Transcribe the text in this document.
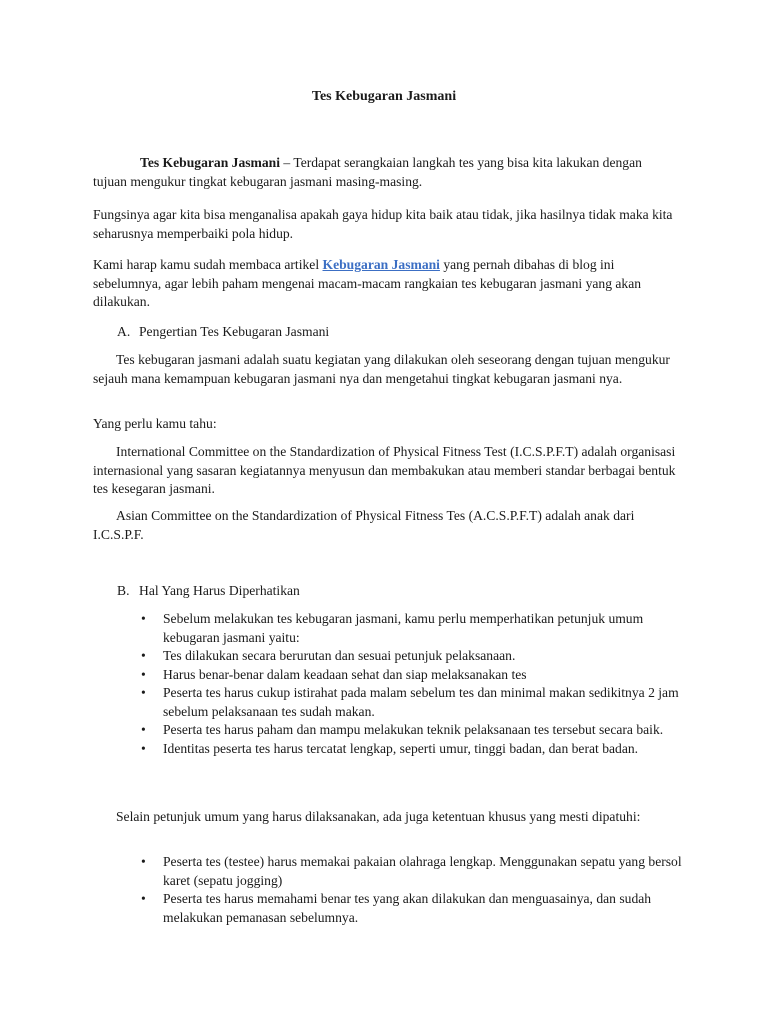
Tes Kebugaran Jasmani

Tes Kebugaran Jasmani – Terdapat serangkaian langkah tes yang bisa kita lakukan dengan tujuan mengukur tingkat kebugaran jasmani masing-masing.

Fungsinya agar kita bisa menganalisa apakah gaya hidup kita baik atau tidak, jika hasilnya tidak maka kita seharusnya memperbaiki pola hidup.

Kami harap kamu sudah membaca artikel Kebugaran Jasmani yang pernah dibahas di blog ini sebelumnya, agar lebih paham mengenai macam-macam rangkaian tes kebugaran jasmani yang akan dilakukan.

A. Pengertian Tes Kebugaran Jasmani

Tes kebugaran jasmani adalah suatu kegiatan yang dilakukan oleh seseorang dengan tujuan mengukur sejauh mana kemampuan kebugaran jasmani nya dan mengetahui tingkat kebugaran jasmani nya.

Yang perlu kamu tahu:

International Committee on the Standardization of Physical Fitness Test (I.C.S.P.F.T) adalah organisasi internasional yang sasaran kegiatannya menyusun dan membakukan atau memberi standar berbagai bentuk tes kesegaran jasmani.

Asian Committee on the Standardization of Physical Fitness Tes (A.C.S.P.F.T) adalah anak dari I.C.S.P.F.

B. Hal Yang Harus Diperhatikan

• Sebelum melakukan tes kebugaran jasmani, kamu perlu memperhatikan petunjuk umum kebugaran jasmani yaitu:
• Tes dilakukan secara berurutan dan sesuai petunjuk pelaksanaan.
• Harus benar-benar dalam keadaan sehat dan siap melaksanakan tes
• Peserta tes harus cukup istirahat pada malam sebelum tes dan minimal makan sedikitnya 2 jam sebelum pelaksanaan tes sudah makan.
• Peserta tes harus paham dan mampu melakukan teknik pelaksanaan tes tersebut secara baik.
• Identitas peserta tes harus tercatat lengkap, seperti umur, tinggi badan, dan berat badan.

Selain petunjuk umum yang harus dilaksanakan, ada juga ketentuan khusus yang mesti dipatuhi:

• Peserta tes (testee) harus memakai pakaian olahraga lengkap. Menggunakan sepatu yang bersol karet (sepatu jogging)
• Peserta tes harus memahami benar tes yang akan dilakukan dan menguasainya, dan sudah melakukan pemanasan sebelumnya.
